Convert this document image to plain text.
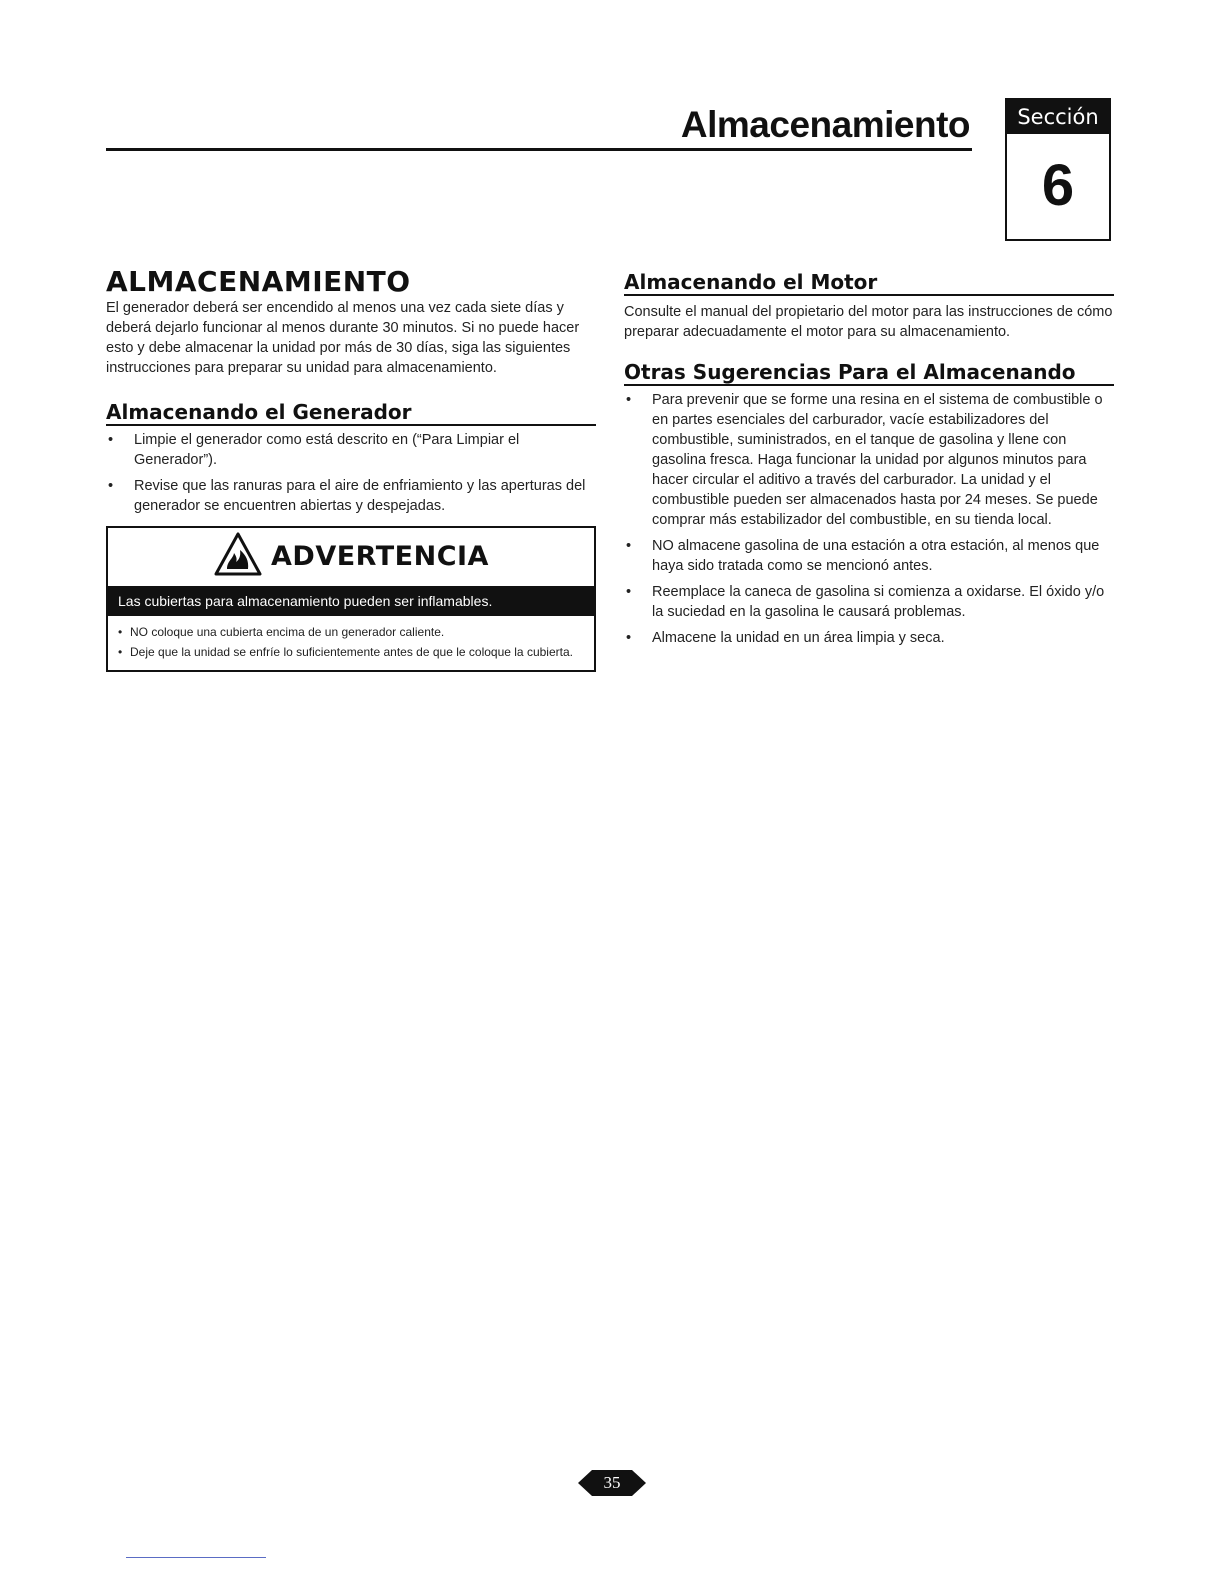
Almacenamiento	Sección
6
ALMACENAMIENTO

El generador deberá ser encendido al menos una vez cada siete días y deberá dejarlo funcionar al menos durante 30 minutos. Si no puede hacer esto y debe almacenar la unidad por más de 30 días, siga las siguientes instrucciones para preparar su unidad para almacenamiento.

Almacenando el Generador
• Limpie el generador como está descrito en (“Para Limpiar el Generador”).
• Revise que las ranuras para el aire de enfriamiento y las aperturas del generador se encuentren abiertas y despejadas.
ADVERTENCIA
Las cubiertas para almacenamiento pueden ser inflamables.
• NO coloque una cubierta encima de un generador caliente.
• Deje que la unidad se enfríe lo suficientemente antes de que le coloque la cubierta.
Almacenando el Motor

Consulte el manual del propietario del motor para las instrucciones de cómo preparar adecuadamente el motor para su almacenamiento.

Otras Sugerencias Para el Almacenando
• Para prevenir que se forme una resina en el sistema de combustible o en partes esenciales del carburador, vacíe estabilizadores del combustible, suministrados, en el tanque de gasolina y llene con gasolina fresca. Haga funcionar la unidad por algunos minutos para hacer circular el aditivo a través del carburador. La unidad y el combustible pueden ser almacenados hasta por 24 meses. Se puede comprar más estabilizador del combustible, en su tienda local.
• NO almacene gasolina de una estación a otra estación, al menos que haya sido tratada como se mencionó antes.
• Reemplace la caneca de gasolina si comienza a oxidarse. El óxido y/o la suciedad en la gasolina le causará problemas.
• Almacene la unidad en un área limpia y seca.
35
